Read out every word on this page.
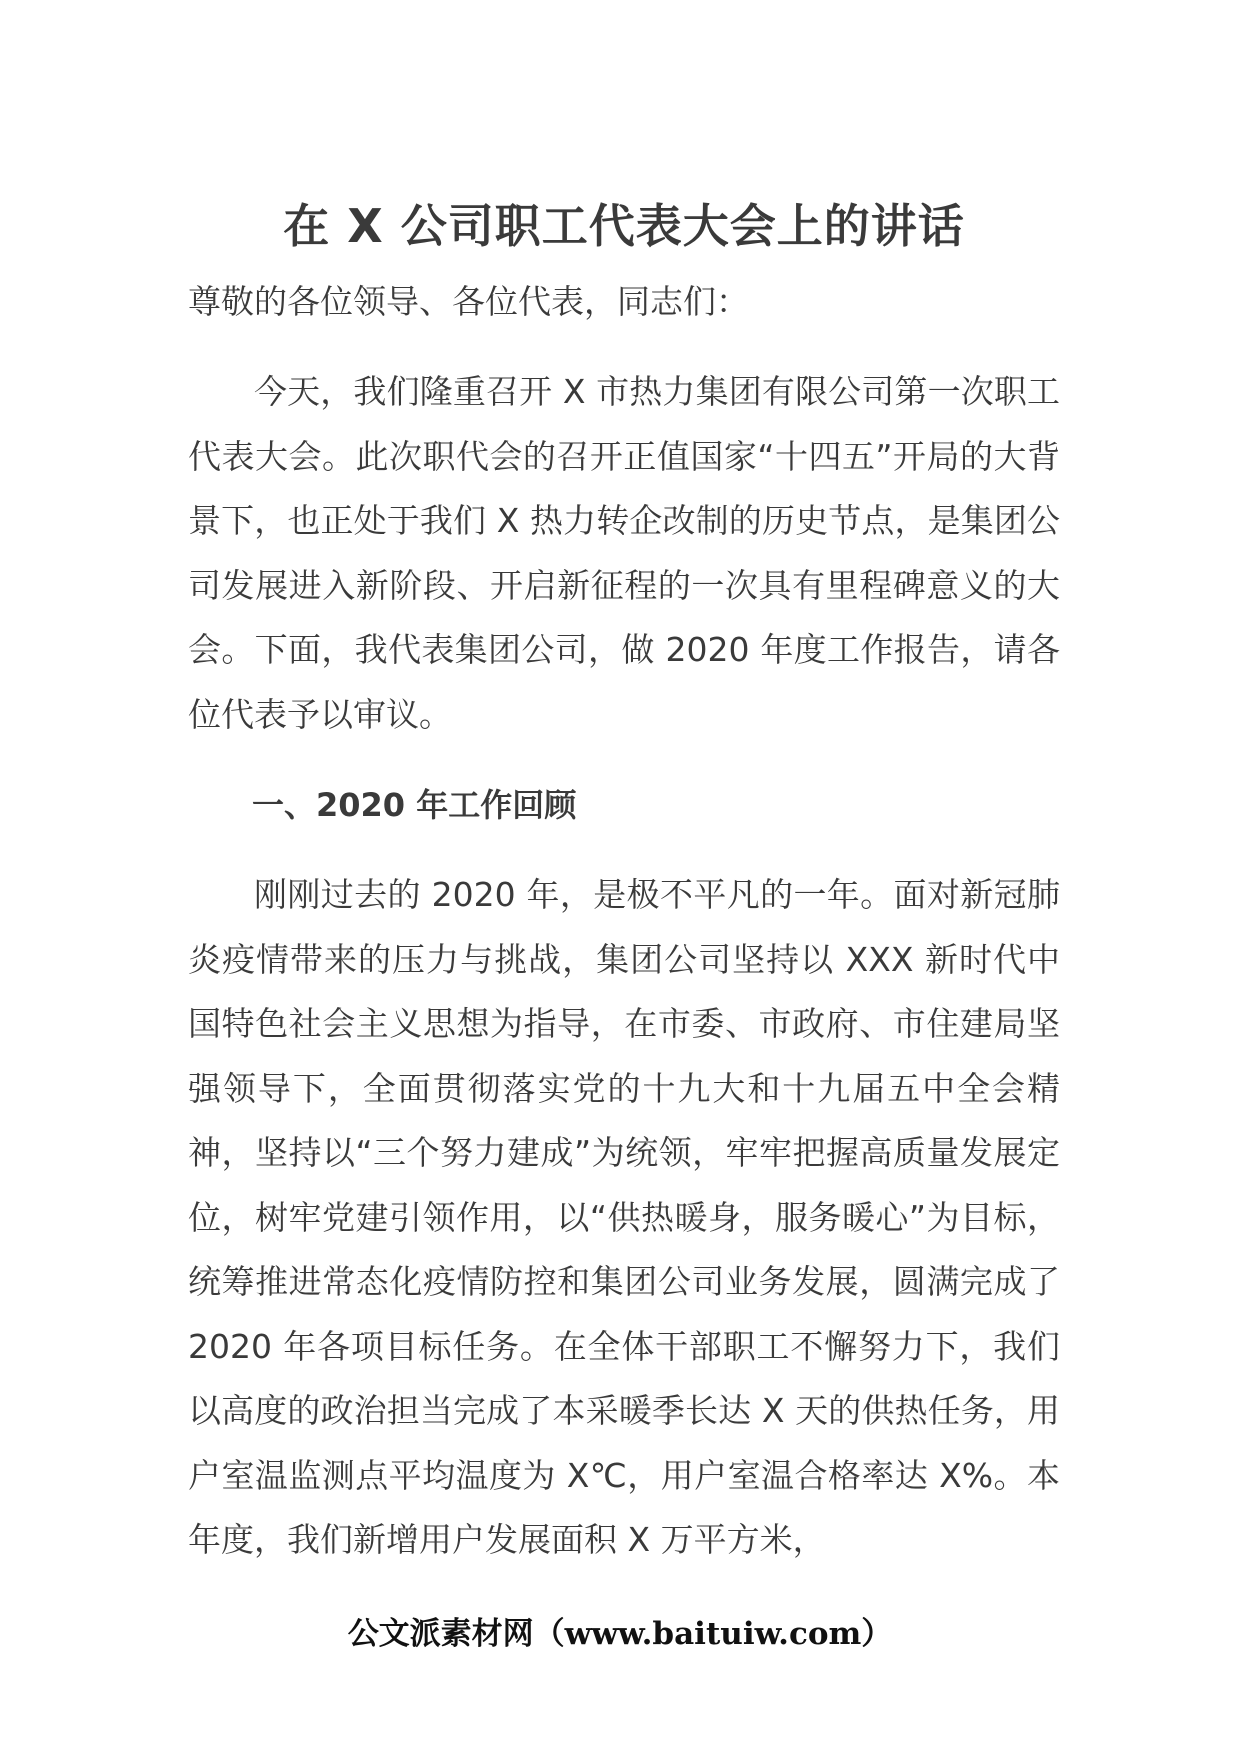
在 X 公司职工代表大会上的讲话

尊敬的各位领导、各位代表，同志们：

今天，我们隆重召开 X 市热力集团有限公司第一次职工代表大会。此次职代会的召开正值国家“十四五”开局的大背景下，也正处于我们 X 热力转企改制的历史节点，是集团公司发展进入新阶段、开启新征程的一次具有里程碑意义的大会。下面，我代表集团公司，做 2020 年度工作报告，请各位代表予以审议。

一、2020 年工作回顾

刚刚过去的 2020 年，是极不平凡的一年。面对新冠肺炎疫情带来的压力与挑战，集团公司坚持以 XXX 新时代中国特色社会主义思想为指导，在市委、市政府、市住建局坚强领导下，全面贯彻落实党的十九大和十九届五中全会精神，坚持以“三个努力建成”为统领，牢牢把握高质量发展定位，树牢党建引领作用，以“供热暖身，服务暖心”为目标，统筹推进常态化疫情防控和集团公司业务发展，圆满完成了 2020 年各项目标任务。在全体干部职工不懈努力下，我们以高度的政治担当完成了本采暖季长达 X 天的供热任务，用户室温监测点平均温度为 X℃，用户室温合格率达 X%。本年度，我们新增用户发展面积 X 万平方米，

公文派素材网（www.baituiw.com）
